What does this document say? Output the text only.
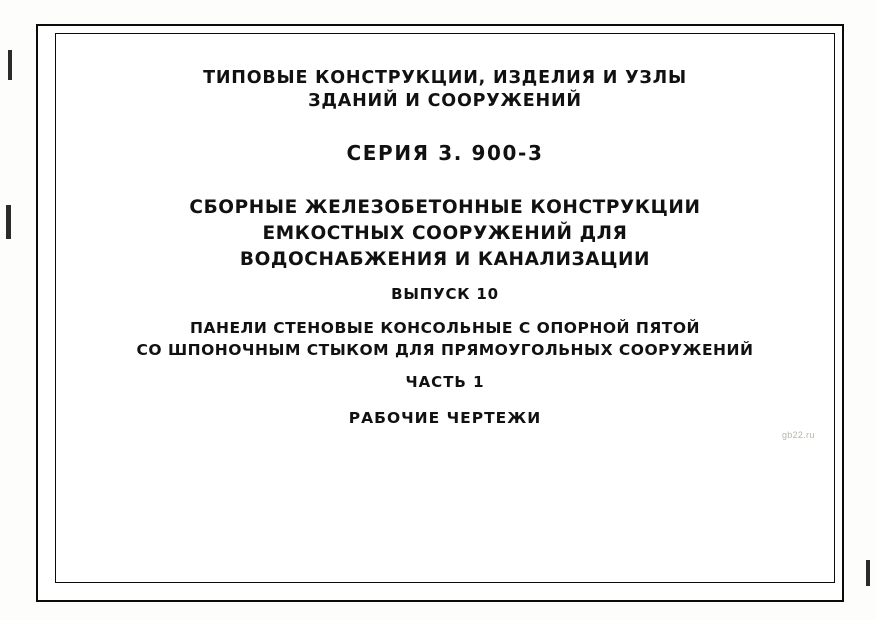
ТИПОВЫЕ КОНСТРУКЦИИ, ИЗДЕЛИЯ И УЗЛЫ
ЗДАНИЙ И СООРУЖЕНИЙ
СЕРИЯ 3. 900-3
СБОРНЫЕ ЖЕЛЕЗОБЕТОННЫЕ КОНСТРУКЦИИ
ЕМКОСТНЫХ СООРУЖЕНИЙ ДЛЯ
ВОДОСНАБЖЕНИЯ И КАНАЛИЗАЦИИ
ВЫПУСК 10
ПАНЕЛИ СТЕНОВЫЕ КОНСОЛЬНЫЕ С ОПОРНОЙ ПЯТОЙ
СО ШПОНОЧНЫМ СТЫКОМ ДЛЯ ПРЯМОУГОЛЬНЫХ СООРУЖЕНИЙ
ЧАСТЬ 1
РАБОЧИЕ ЧЕРТЕЖИ
gb22.ru
